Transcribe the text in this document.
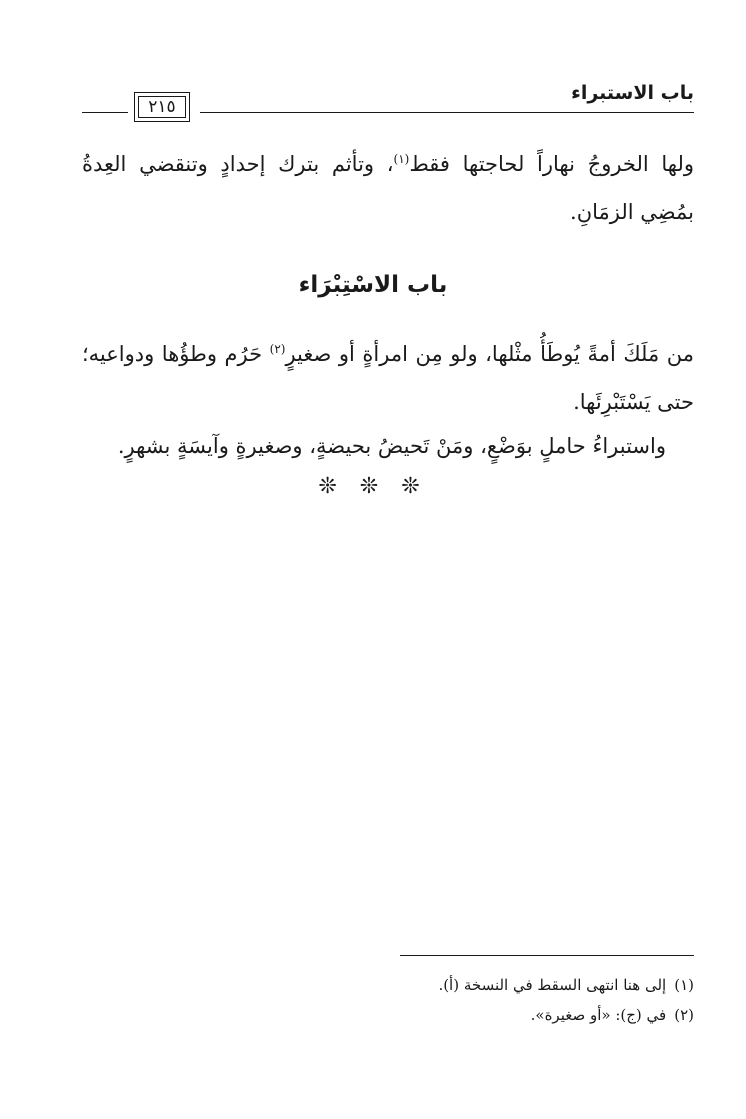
باب الاستبراء
٢١٥
ولها الخروجُ نهاراً لحاجتها فقط$^{(١)}$، وتأثم بترك إحدادٍ وتنقضي العِدةُ بمُضِي الزمَانِ.
باب الاسْتِبْرَاء
من مَلَكَ أمةً يُوطَأُ مثْلها، ولو مِن امرأةٍ أو صغيرٍ$^{(٢)}$ حَرُم وطؤُها ودواعيه؛ حتى يَسْتَبْرِئَها.
واستبراءُ حاملٍ بوَضْعٍ، ومَنْ تَحيضُ بحيضةٍ، وصغيرةٍ وآيسَةٍ بشهرٍ.
❊ ❊ ❊
(١)إلى هنا انتهى السقط في النسخة (أ).
(٢)في (ج): «أو صغيرة».
